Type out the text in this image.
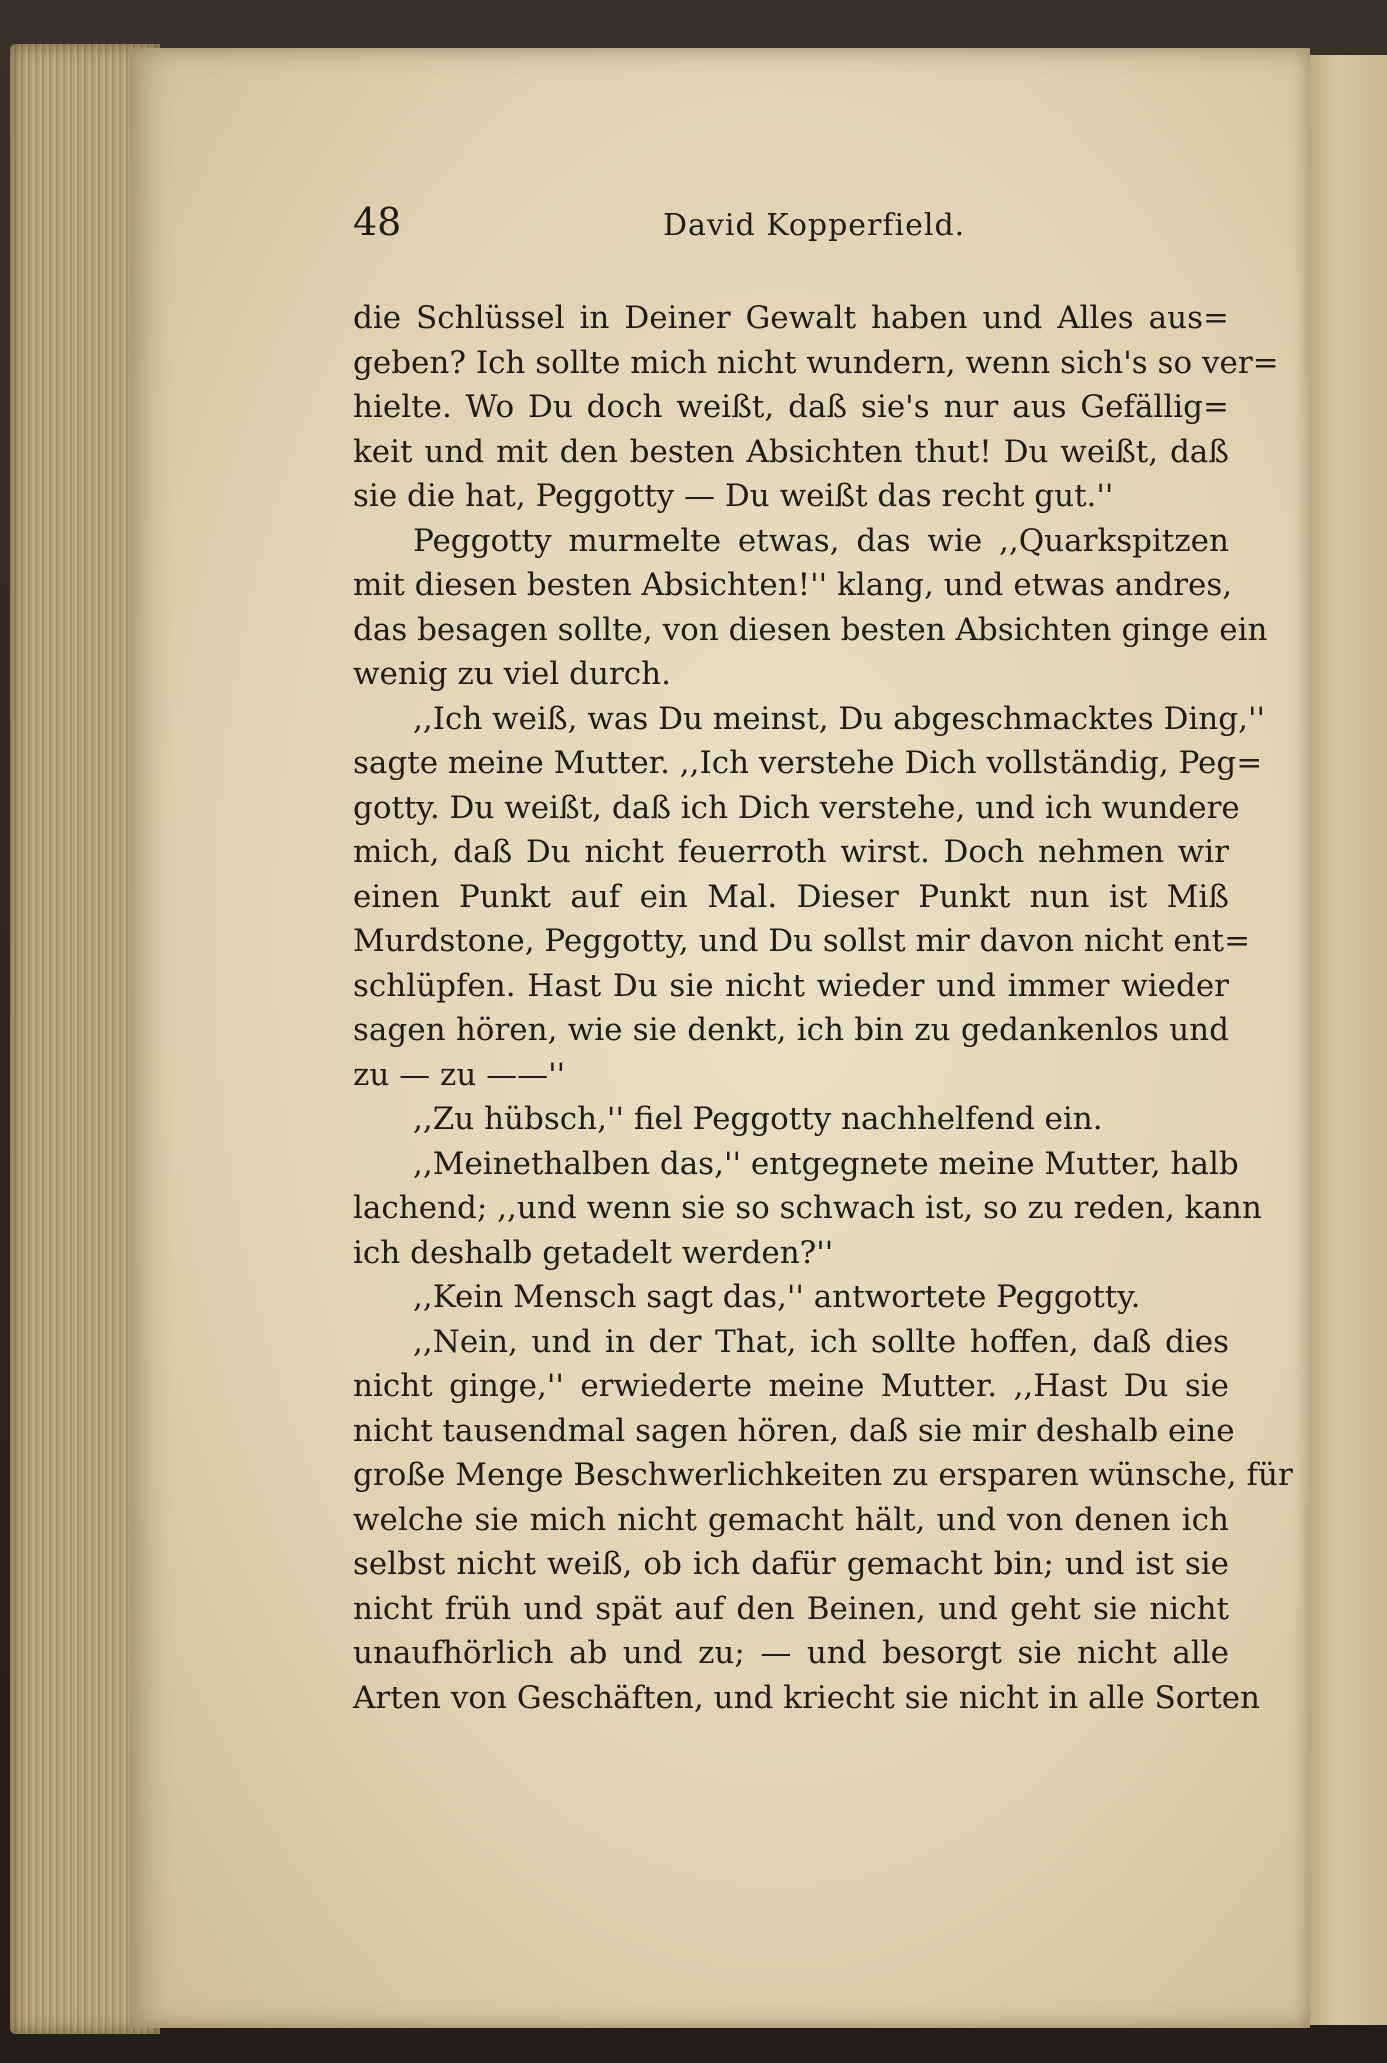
48	David Kopperfield.
die Schlüssel in Deiner Gewalt haben und Alles aus=
geben? Ich sollte mich nicht wundern, wenn sich's so ver=
hielte. Wo Du doch weißt, daß sie's nur aus Gefällig=
keit und mit den besten Absichten thut! Du weißt, daß
sie die hat, Peggotty — Du weißt das recht gut.''
Peggotty murmelte etwas, das wie ,,Quarkspitzen
mit diesen besten Absichten!'' klang, und etwas andres,
das besagen sollte, von diesen besten Absichten ginge ein
wenig zu viel durch.
,,Ich weiß, was Du meinst, Du abgeschmacktes Ding,''
sagte meine Mutter. ,,Ich verstehe Dich vollständig, Peg=
gotty. Du weißt, daß ich Dich verstehe, und ich wundere
mich, daß Du nicht feuerroth wirst. Doch nehmen wir
einen Punkt auf ein Mal. Dieser Punkt nun ist Miß
Murdstone, Peggotty, und Du sollst mir davon nicht ent=
schlüpfen. Hast Du sie nicht wieder und immer wieder
sagen hören, wie sie denkt, ich bin zu gedankenlos und
zu — zu ——''
,,Zu hübsch,'' fiel Peggotty nachhelfend ein.
,,Meinethalben das,'' entgegnete meine Mutter, halb
lachend; ,,und wenn sie so schwach ist, so zu reden, kann
ich deshalb getadelt werden?''
,,Kein Mensch sagt das,'' antwortete Peggotty.
,,Nein, und in der That, ich sollte hoffen, daß dies
nicht ginge,'' erwiederte meine Mutter. ,,Hast Du sie
nicht tausendmal sagen hören, daß sie mir deshalb eine
große Menge Beschwerlichkeiten zu ersparen wünsche, für
welche sie mich nicht gemacht hält, und von denen ich
selbst nicht weiß, ob ich dafür gemacht bin; und ist sie
nicht früh und spät auf den Beinen, und geht sie nicht
unaufhörlich ab und zu; — und besorgt sie nicht alle
Arten von Geschäften, und kriecht sie nicht in alle Sorten
